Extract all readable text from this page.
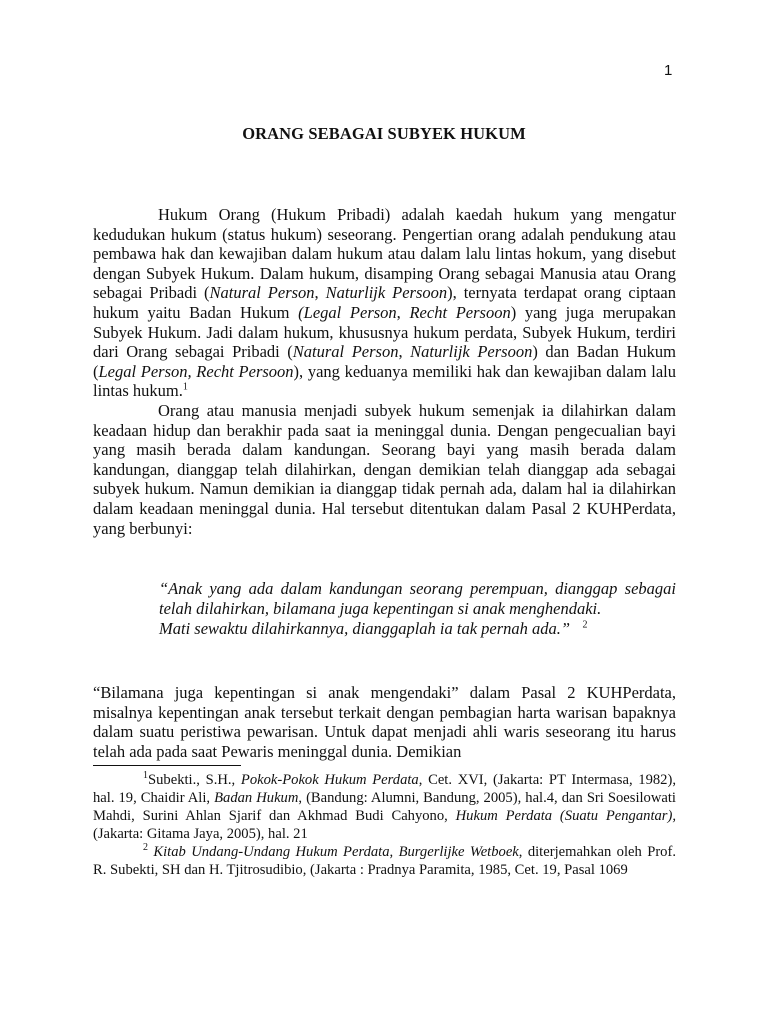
1
ORANG SEBAGAI SUBYEK HUKUM

Hukum Orang (Hukum Pribadi) adalah kaedah hukum yang mengatur kedudukan hukum (status hukum) seseorang. Pengertian orang adalah pendukung atau pembawa hak dan kewajiban dalam hukum atau dalam lalu lintas hokum, yang disebut dengan Subyek Hukum. Dalam hukum, disamping Orang sebagai Manusia atau Orang sebagai Pribadi (Natural Person, Naturlijk Persoon), ternyata terdapat orang ciptaan hukum yaitu Badan Hukum (Legal Person, Recht Persoon) yang juga merupakan Subyek Hukum. Jadi dalam hukum, khususnya hukum perdata, Subyek Hukum, terdiri dari Orang sebagai Pribadi (Natural Person, Naturlijk Persoon) dan Badan Hukum (Legal Person, Recht Persoon), yang keduanya memiliki hak dan kewajiban dalam lalu lintas hukum.$^1$

Orang atau manusia menjadi subyek hukum semenjak ia dilahirkan dalam keadaan hidup dan berakhir pada saat ia meninggal dunia. Dengan pengecualian bayi yang masih berada dalam kandungan. Seorang bayi yang masih berada dalam kandungan, dianggap telah dilahirkan, dengan demikian telah dianggap ada sebagai subyek hukum. Namun demikian ia dianggap tidak pernah ada, dalam hal ia dilahirkan dalam keadaan meninggal dunia. Hal tersebut ditentukan dalam Pasal 2 KUHPerdata, yang berbunyi:

“Anak yang ada dalam kandungan seorang perempuan, dianggap sebagai telah dilahirkan, bilamana juga kepentingan si anak menghendaki.

Mati sewaktu dilahirkannya, dianggaplah ia tak pernah ada.” $^2$

“Bilamana juga kepentingan si anak mengendaki” dalam Pasal 2 KUHPerdata, misalnya kepentingan anak tersebut terkait dengan pembagian harta warisan bapaknya dalam suatu peristiwa pewarisan. Untuk dapat menjadi ahli waris seseorang itu harus telah ada pada saat Pewaris meninggal dunia. Demikian

$^1$Subekti., S.H., Pokok-Pokok Hukum Perdata, Cet. XVI, (Jakarta: PT Intermasa, 1982), hal. 19, Chaidir Ali, Badan Hukum, (Bandung: Alumni, Bandung, 2005), hal.4, dan Sri Soesilowati Mahdi, Surini Ahlan Sjarif dan Akhmad Budi Cahyono, Hukum Perdata (Suatu Pengantar), (Jakarta: Gitama Jaya, 2005), hal. 21

$^2$ Kitab Undang-Undang Hukum Perdata, Burgerlijke Wetboek, diterjemahkan oleh Prof. R. Subekti, SH dan H. Tjitrosudibio, (Jakarta : Pradnya Paramita, 1985, Cet. 19, Pasal 1069
